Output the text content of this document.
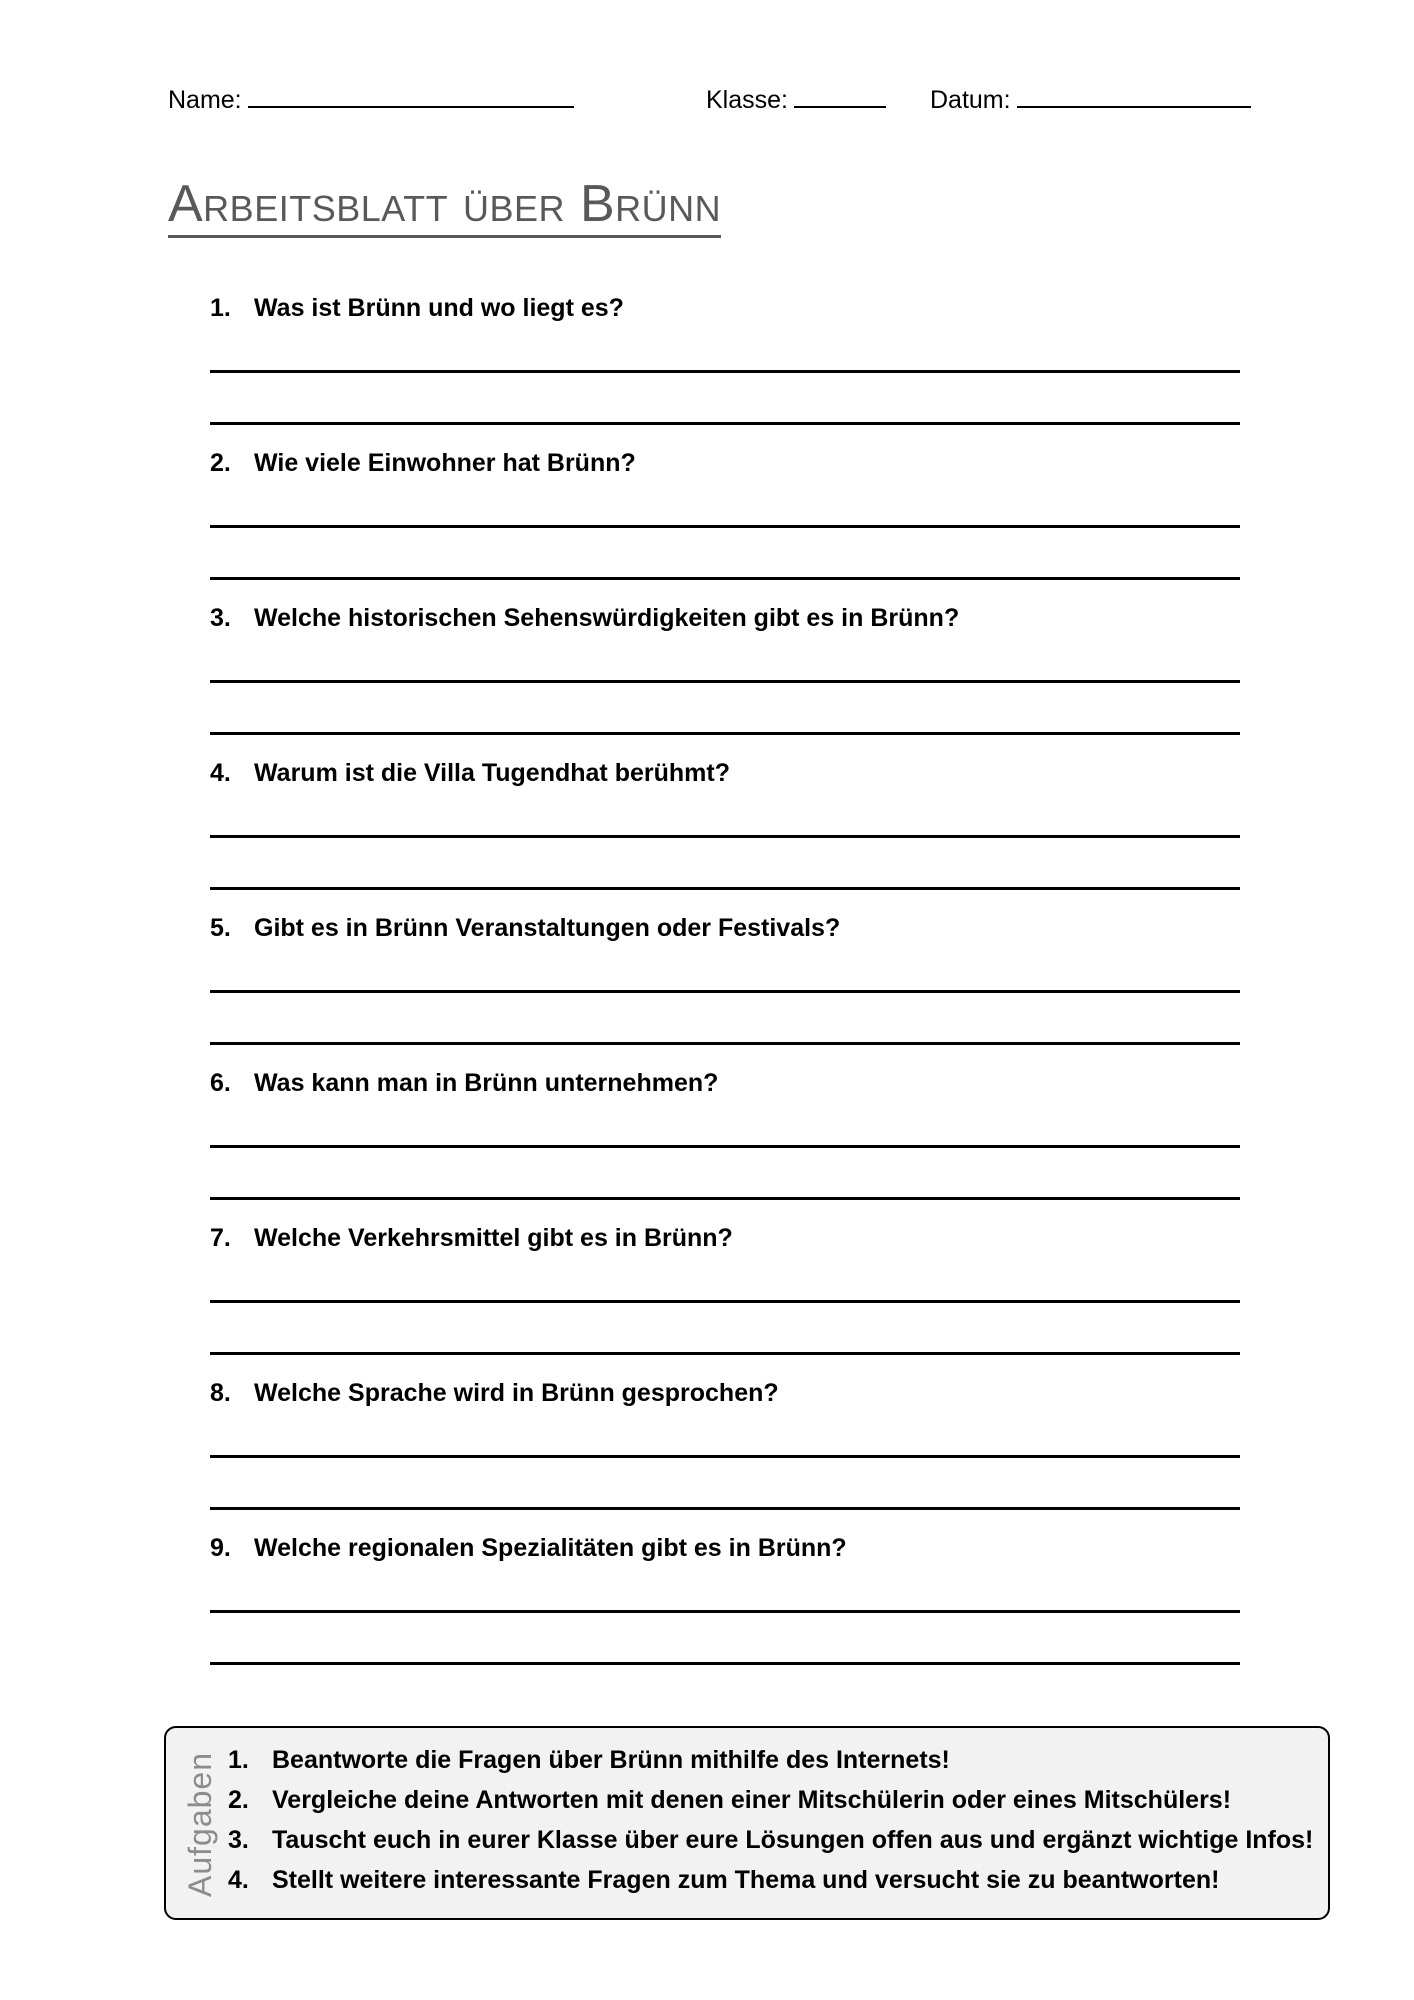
Name:	Klasse:	Datum:
Arbeitsblatt über Brünn
1. Was ist Brünn und wo liegt es?
2. Wie viele Einwohner hat Brünn?
3. Welche historischen Sehenswürdigkeiten gibt es in Brünn?
4. Warum ist die Villa Tugendhat berühmt?
5. Gibt es in Brünn Veranstaltungen oder Festivals?
6. Was kann man in Brünn unternehmen?
7. Welche Verkehrsmittel gibt es in Brünn?
8. Welche Sprache wird in Brünn gesprochen?
9. Welche regionalen Spezialitäten gibt es in Brünn?
Aufgaben 1. Beantworte die Fragen über Brünn mithilfe des Internets!
2. Vergleiche deine Antworten mit denen einer Mitschülerin oder eines Mitschülers!
3. Tauscht euch in eurer Klasse über eure Lösungen offen aus und ergänzt wichtige Infos!
4. Stellt weitere interessante Fragen zum Thema und versucht sie zu beantworten!
